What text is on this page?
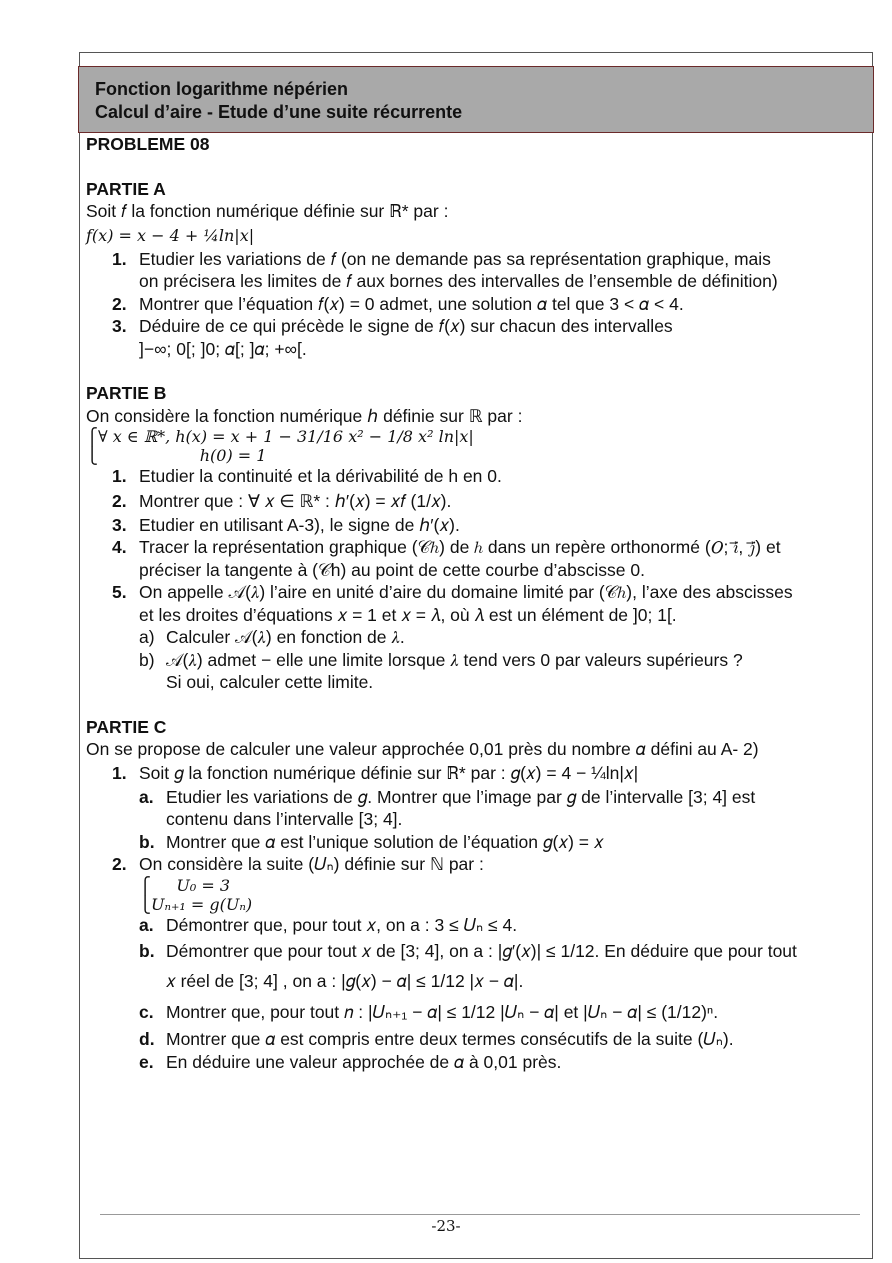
Fonction logarithme népérien
Calcul d’aire - Etude d’une suite récurrente
PROBLEME 08
PARTIE A
Soit 𝑓 la fonction numérique définie sur ℝ* par :
𝑓(𝑥) = 𝑥 − 4 + ¼ln|𝑥|
1. Etudier les variations de 𝑓 (on ne demande pas sa représentation graphique, mais
on précisera les limites de 𝑓 aux bornes des intervalles de l’ensemble de définition)
2. Montrer que l’équation 𝑓(𝑥) = 0 admet, une solution 𝛼 tel que 3 < 𝛼 < 4.
3. Déduire de ce qui précède le signe de 𝑓(𝑥) sur chacun des intervalles
]−∞; 0[; ]0; 𝛼[; ]𝛼; +∞[.
PARTIE B
On considère la fonction numérique ℎ définie sur ℝ par :
⎧∀ 𝑥 ∈ ℝ*, ℎ(𝑥) = 𝑥 + 1 − 31/16 𝑥² − 1/8 𝑥² ln|𝑥|
⎩                    ℎ(0) = 1
1. Etudier la continuité et la dérivabilité de h en 0.
2. Montrer que : ∀ 𝑥 ∈ ℝ* : ℎ′(𝑥) = 𝑥𝑓 (1/𝑥).
3. Etudier en utilisant A-3), le signe de ℎ′(𝑥).
4. Tracer la représentation graphique (𝒞ℎ) de ℎ dans un repère orthonormé (𝑂; 𝑖⃗, 𝑗⃗) et
préciser la tangente à (𝒞h) au point de cette courbe d’abscisse 0.
5. On appelle 𝒜(𝜆) l’aire en unité d’aire du domaine limité par (𝒞ℎ), l’axe des abscisses
et les droites d’équations 𝑥 = 1 et 𝑥 = 𝜆, où 𝜆 est un élément de ]0; 1[.
a) Calculer 𝒜(𝜆) en fonction de 𝜆.
b) 𝒜(𝜆) admet − elle une limite lorsque 𝜆 tend vers 0 par valeurs supérieurs ?
Si oui, calculer cette limite.
PARTIE C
On se propose de calculer une valeur approchée 0,01 près du nombre 𝛼 défini au A- 2)
1. Soit 𝑔 la fonction numérique définie sur ℝ* par : 𝑔(𝑥) = 4 − ¼ln|𝑥|
a. Etudier les variations de 𝑔. Montrer que l’image par 𝑔 de l’intervalle [3; 4] est
contenu dans l’intervalle [3; 4].
b. Montrer que 𝛼 est l’unique solution de l’équation 𝑔(𝑥) = 𝑥
2. On considère la suite (𝑈ₙ) définie sur ℕ par :
⎧     𝑈₀ = 3
⎩𝑈ₙ₊₁ = 𝑔(𝑈ₙ)
a. Démontrer que, pour tout 𝑥, on a : 3 ≤ 𝑈ₙ ≤ 4.
b. Démontrer que pour tout 𝑥 de [3; 4], on a : |𝑔′(𝑥)| ≤ 1/12. En déduire que pour tout
𝑥 réel de [3; 4] , on a : |𝑔(𝑥) − 𝛼| ≤ 1/12 |𝑥 − 𝛼|.
c. Montrer que, pour tout 𝑛 : |𝑈ₙ₊₁ − 𝛼| ≤ 1/12 |𝑈ₙ − 𝛼| et |𝑈ₙ − 𝛼| ≤ (1/12)ⁿ.
d. Montrer que 𝛼 est compris entre deux termes consécutifs de la suite (𝑈ₙ).
e. En déduire une valeur approchée de 𝛼 à 0,01 près.
-23-
